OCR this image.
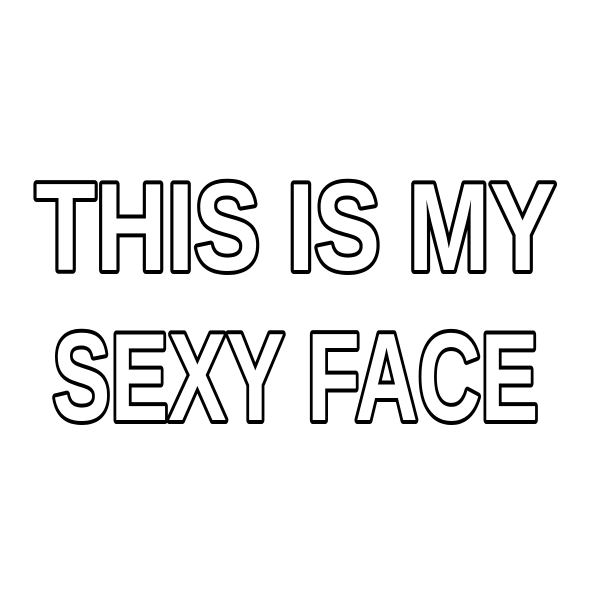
THIS IS MY
SEXY FACE
